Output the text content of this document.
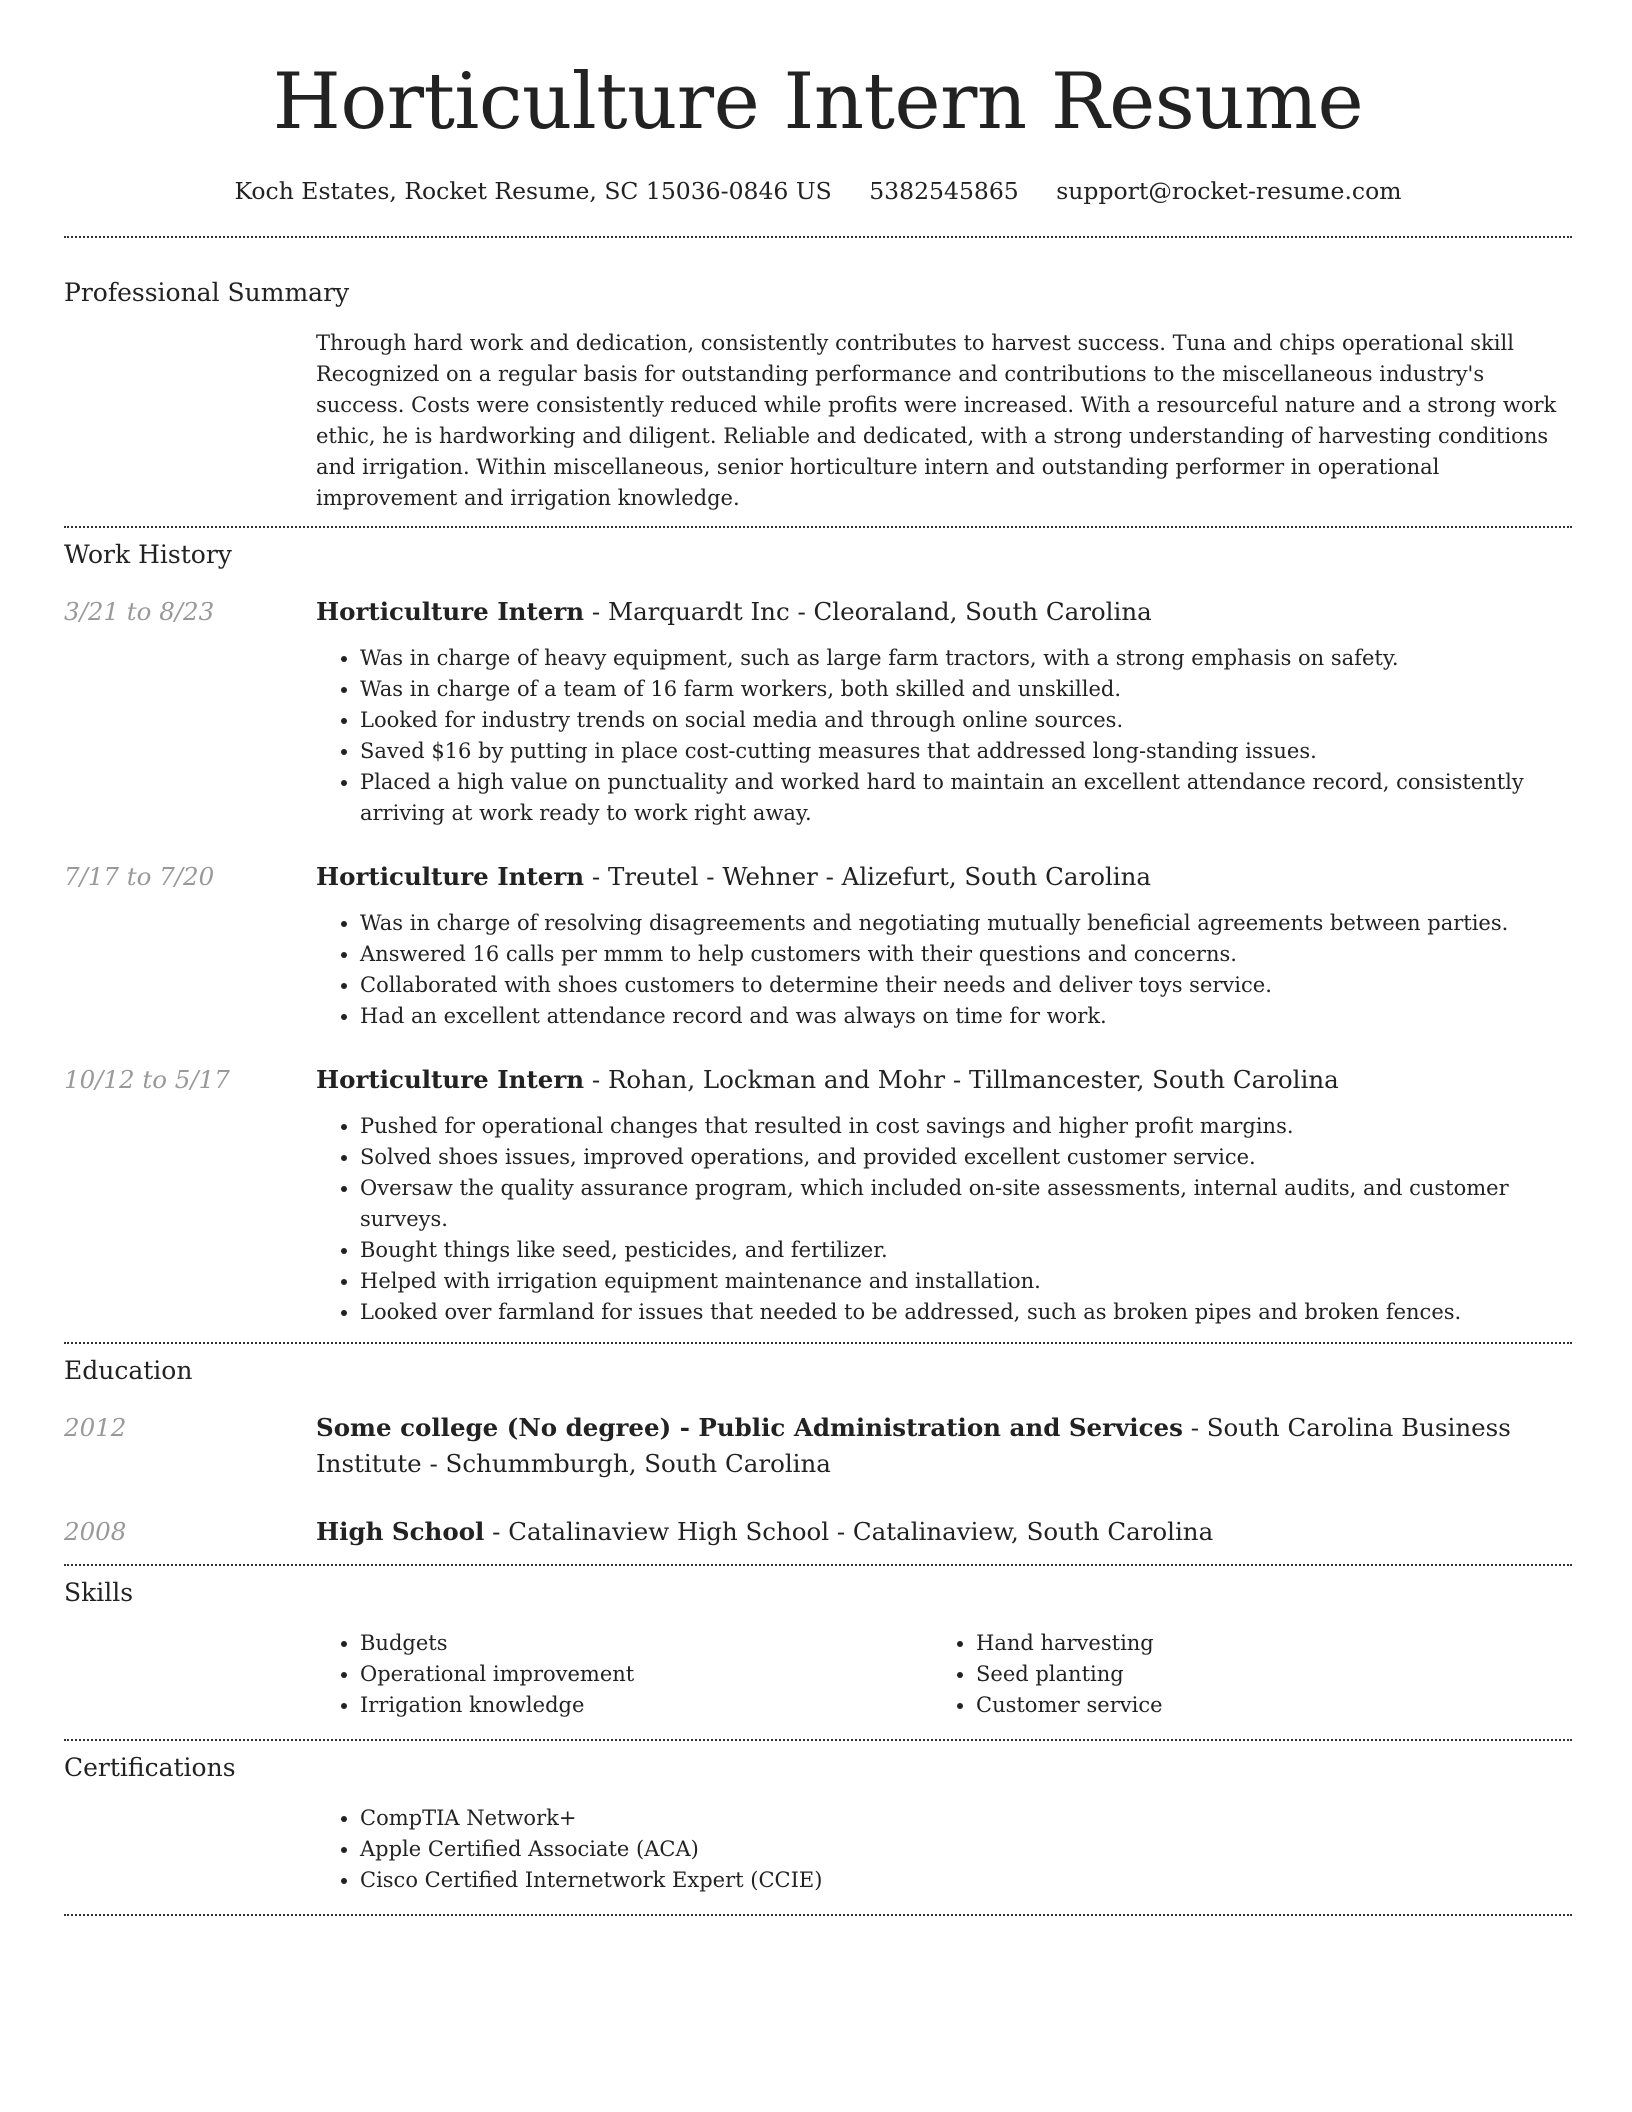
Horticulture Intern Resume
Koch Estates, Rocket Resume, SC 15036-0846 US 5382545865 support@rocket-resume.com
Professional Summary
Through hard work and dedication, consistently contributes to harvest success. Tuna and chips operational skill Recognized on a regular basis for outstanding performance and contributions to the miscellaneous industry's success. Costs were consistently reduced while profits were increased. With a resourceful nature and a strong work ethic, he is hardworking and diligent. Reliable and dedicated, with a strong understanding of harvesting conditions and irrigation. Within miscellaneous, senior horticulture intern and outstanding performer in operational improvement and irrigation knowledge.
Work History
3/21 to 8/23	Horticulture Intern - Marquardt Inc - Cleoraland, South Carolina
• Was in charge of heavy equipment, such as large farm tractors, with a strong emphasis on safety.
• Was in charge of a team of 16 farm workers, both skilled and unskilled.
• Looked for industry trends on social media and through online sources.
• Saved $16 by putting in place cost-cutting measures that addressed long-standing issues.
• Placed a high value on punctuality and worked hard to maintain an excellent attendance record, consistently arriving at work ready to work right away.
7/17 to 7/20	Horticulture Intern - Treutel - Wehner - Alizefurt, South Carolina
• Was in charge of resolving disagreements and negotiating mutually beneficial agreements between parties.
• Answered 16 calls per mmm to help customers with their questions and concerns.
• Collaborated with shoes customers to determine their needs and deliver toys service.
• Had an excellent attendance record and was always on time for work.
10/12 to 5/17	Horticulture Intern - Rohan, Lockman and Mohr - Tillmancester, South Carolina
• Pushed for operational changes that resulted in cost savings and higher profit margins.
• Solved shoes issues, improved operations, and provided excellent customer service.
• Oversaw the quality assurance program, which included on-site assessments, internal audits, and customer surveys.
• Bought things like seed, pesticides, and fertilizer.
• Helped with irrigation equipment maintenance and installation.
• Looked over farmland for issues that needed to be addressed, such as broken pipes and broken fences.
Education
2012	Some college (No degree) - Public Administration and Services - South Carolina Business Institute - Schummburgh, South Carolina
2008	High School - Catalinaview High School - Catalinaview, South Carolina
Skills
• Budgets
• Operational improvement
• Irrigation knowledge
• Hand harvesting
• Seed planting
• Customer service
Certifications
• CompTIA Network+
• Apple Certified Associate (ACA)
• Cisco Certified Internetwork Expert (CCIE)
